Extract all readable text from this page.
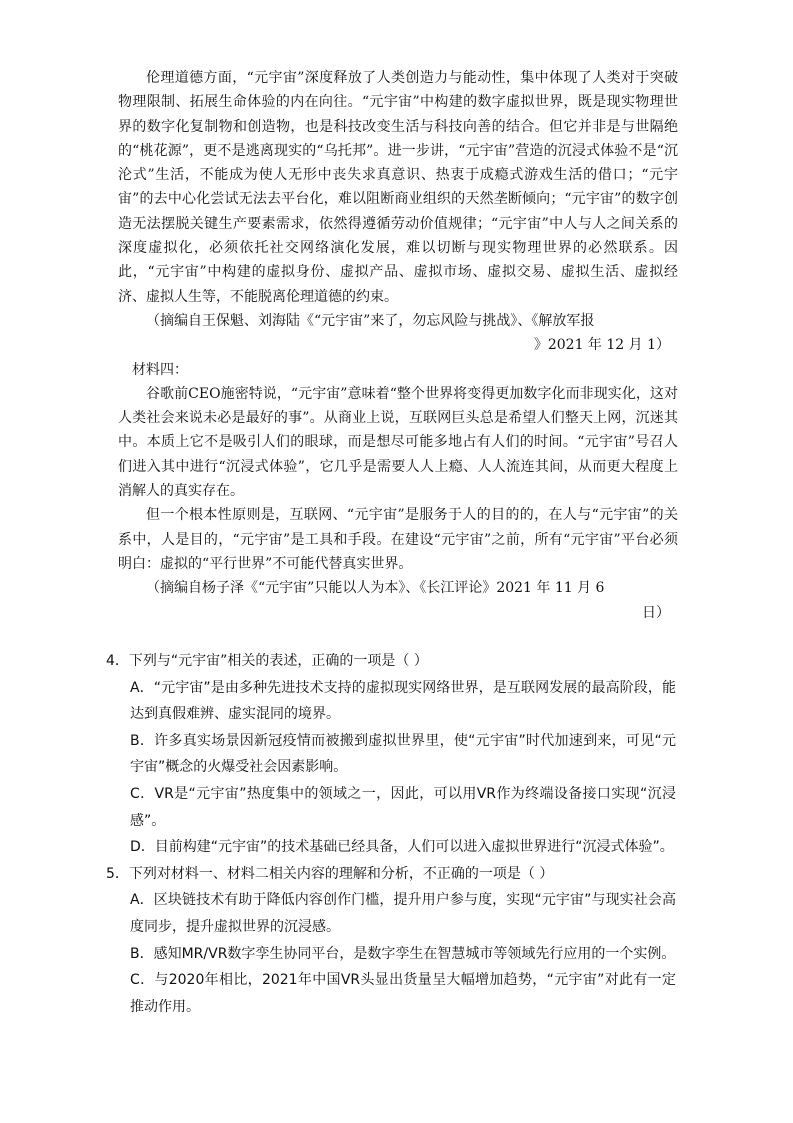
伦理道德方面，“元宇宙”深度释放了人类创造力与能动性，集中体现了人类对于突破物理限制、拓展生命体验的内在向往。“元宇宙”中构建的数字虚拟世界，既是现实物理世界的数字化复制物和创造物，也是科技改变生活与科技向善的结合。但它并非是与世隔绝的“桃花源”，更不是逃离现实的“乌托邦”。进一步讲，“元宇宙”营造的沉浸式体验不是“沉沦式”生活，不能成为使人无形中丧失求真意识、热衷于成瘾式游戏生活的借口；“元宇宙”的去中心化尝试无法去平台化，难以阻断商业组织的天然垄断倾向；“元宇宙”的数字创造无法摆脱关键生产要素需求，依然得遵循劳动价值规律；“元宇宙”中人与人之间关系的深度虚拟化，必须依托社交网络演化发展，难以切断与现实物理世界的必然联系。因此，“元宇宙”中构建的虚拟身份、虚拟产品、虚拟市场、虚拟交易、虚拟生活、虚拟经济、虚拟人生等，不能脱离伦理道德的约束。

（摘编自王保魁、刘海陆《“元宇宙”来了，勿忘风险与挑战》、《解放军报

》2021 年 12 月 1）

材料四：

谷歌前CEO施密特说，“元宇宙”意味着“整个世界将变得更加数字化而非现实化，这对人类社会来说未必是最好的事”。从商业上说，互联网巨头总是希望人们整天上网，沉迷其中。本质上它不是吸引人们的眼球，而是想尽可能多地占有人们的时间。“元宇宙”号召人们进入其中进行“沉浸式体验”，它几乎是需要人人上瘾、人人流连其间，从而更大程度上消解人的真实存在。

但一个根本性原则是，互联网、“元宇宙”是服务于人的目的的，在人与“元宇宙”的关系中，人是目的，“元宇宙”是工具和手段。在建设“元宇宙”之前，所有“元宇宙”平台必须明白：虚拟的“平行世界”不可能代替真实世界。

（摘编自杨子泽《“元宇宙”只能以人为本》、《长江评论》2021 年 11 月 6

日）

4．下列与“元宇宙”相关的表述，正确的一项是（ ）

A．“元宇宙”是由多种先进技术支持的虚拟现实网络世界，是互联网发展的最高阶段，能达到真假难辨、虚实混同的境界。

B．许多真实场景因新冠疫情而被搬到虚拟世界里，使“元宇宙”时代加速到来，可见“元宇宙”概念的火爆受社会因素影响。

C．VR是“元宇宙”热度集中的领域之一，因此，可以用VR作为终端设备接口实现“沉浸感”。

D．目前构建“元宇宙”的技术基础已经具备，人们可以进入虚拟世界进行“沉浸式体验”。

5．下列对材料一、材料二相关内容的理解和分析，不正确的一项是（ ）

A．区块链技术有助于降低内容创作门槛，提升用户参与度，实现“元宇宙”与现实社会高度同步，提升虚拟世界的沉浸感。

B．感知MR/VR数字孪生协同平台，是数字孪生在智慧城市等领域先行应用的一个实例。

C．与2020年相比，2021年中国VR头显出货量呈大幅增加趋势，“元宇宙”对此有一定推动作用。
